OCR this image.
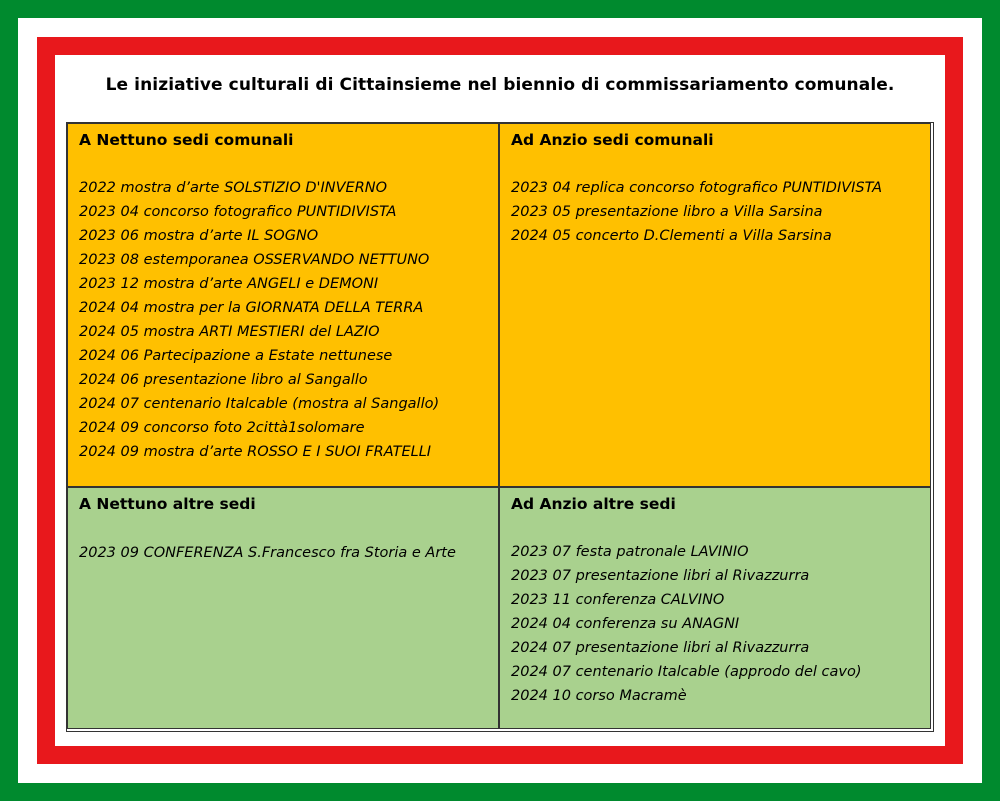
Le iniziative culturali di Cittainsieme nel biennio di commissariamento comunale.
A Nettuno sedi comunali
2022 mostra d’arte SOLSTIZIO D'INVERNO
2023 04 concorso fotografico PUNTIDIVISTA
2023 06 mostra d’arte IL SOGNO
2023 08 estemporanea OSSERVANDO NETTUNO
2023 12 mostra d’arte ANGELI e DEMONI
2024 04 mostra per la GIORNATA DELLA TERRA
2024 05 mostra ARTI MESTIERI del LAZIO
2024 06 Partecipazione a Estate nettunese
2024 06 presentazione libro al Sangallo
2024 07 centenario Italcable (mostra al Sangallo)
2024 09 concorso foto 2città1solomare
2024 09 mostra d’arte ROSSO E I SUOI FRATELLI
Ad Anzio sedi comunali
2023 04 replica concorso fotografico PUNTIDIVISTA
2023 05 presentazione libro a Villa Sarsina
2024 05 concerto D.Clementi a Villa Sarsina
A Nettuno altre sedi
2023 09 CONFERENZA S.Francesco fra Storia e Arte
Ad Anzio altre sedi
2023 07 festa patronale LAVINIO
2023 07 presentazione libri al Rivazzurra
2023 11 conferenza CALVINO
2024 04 conferenza su ANAGNI
2024 07 presentazione libri al Rivazzurra
2024 07 centenario Italcable (approdo del cavo)
2024 10 corso Macramè
